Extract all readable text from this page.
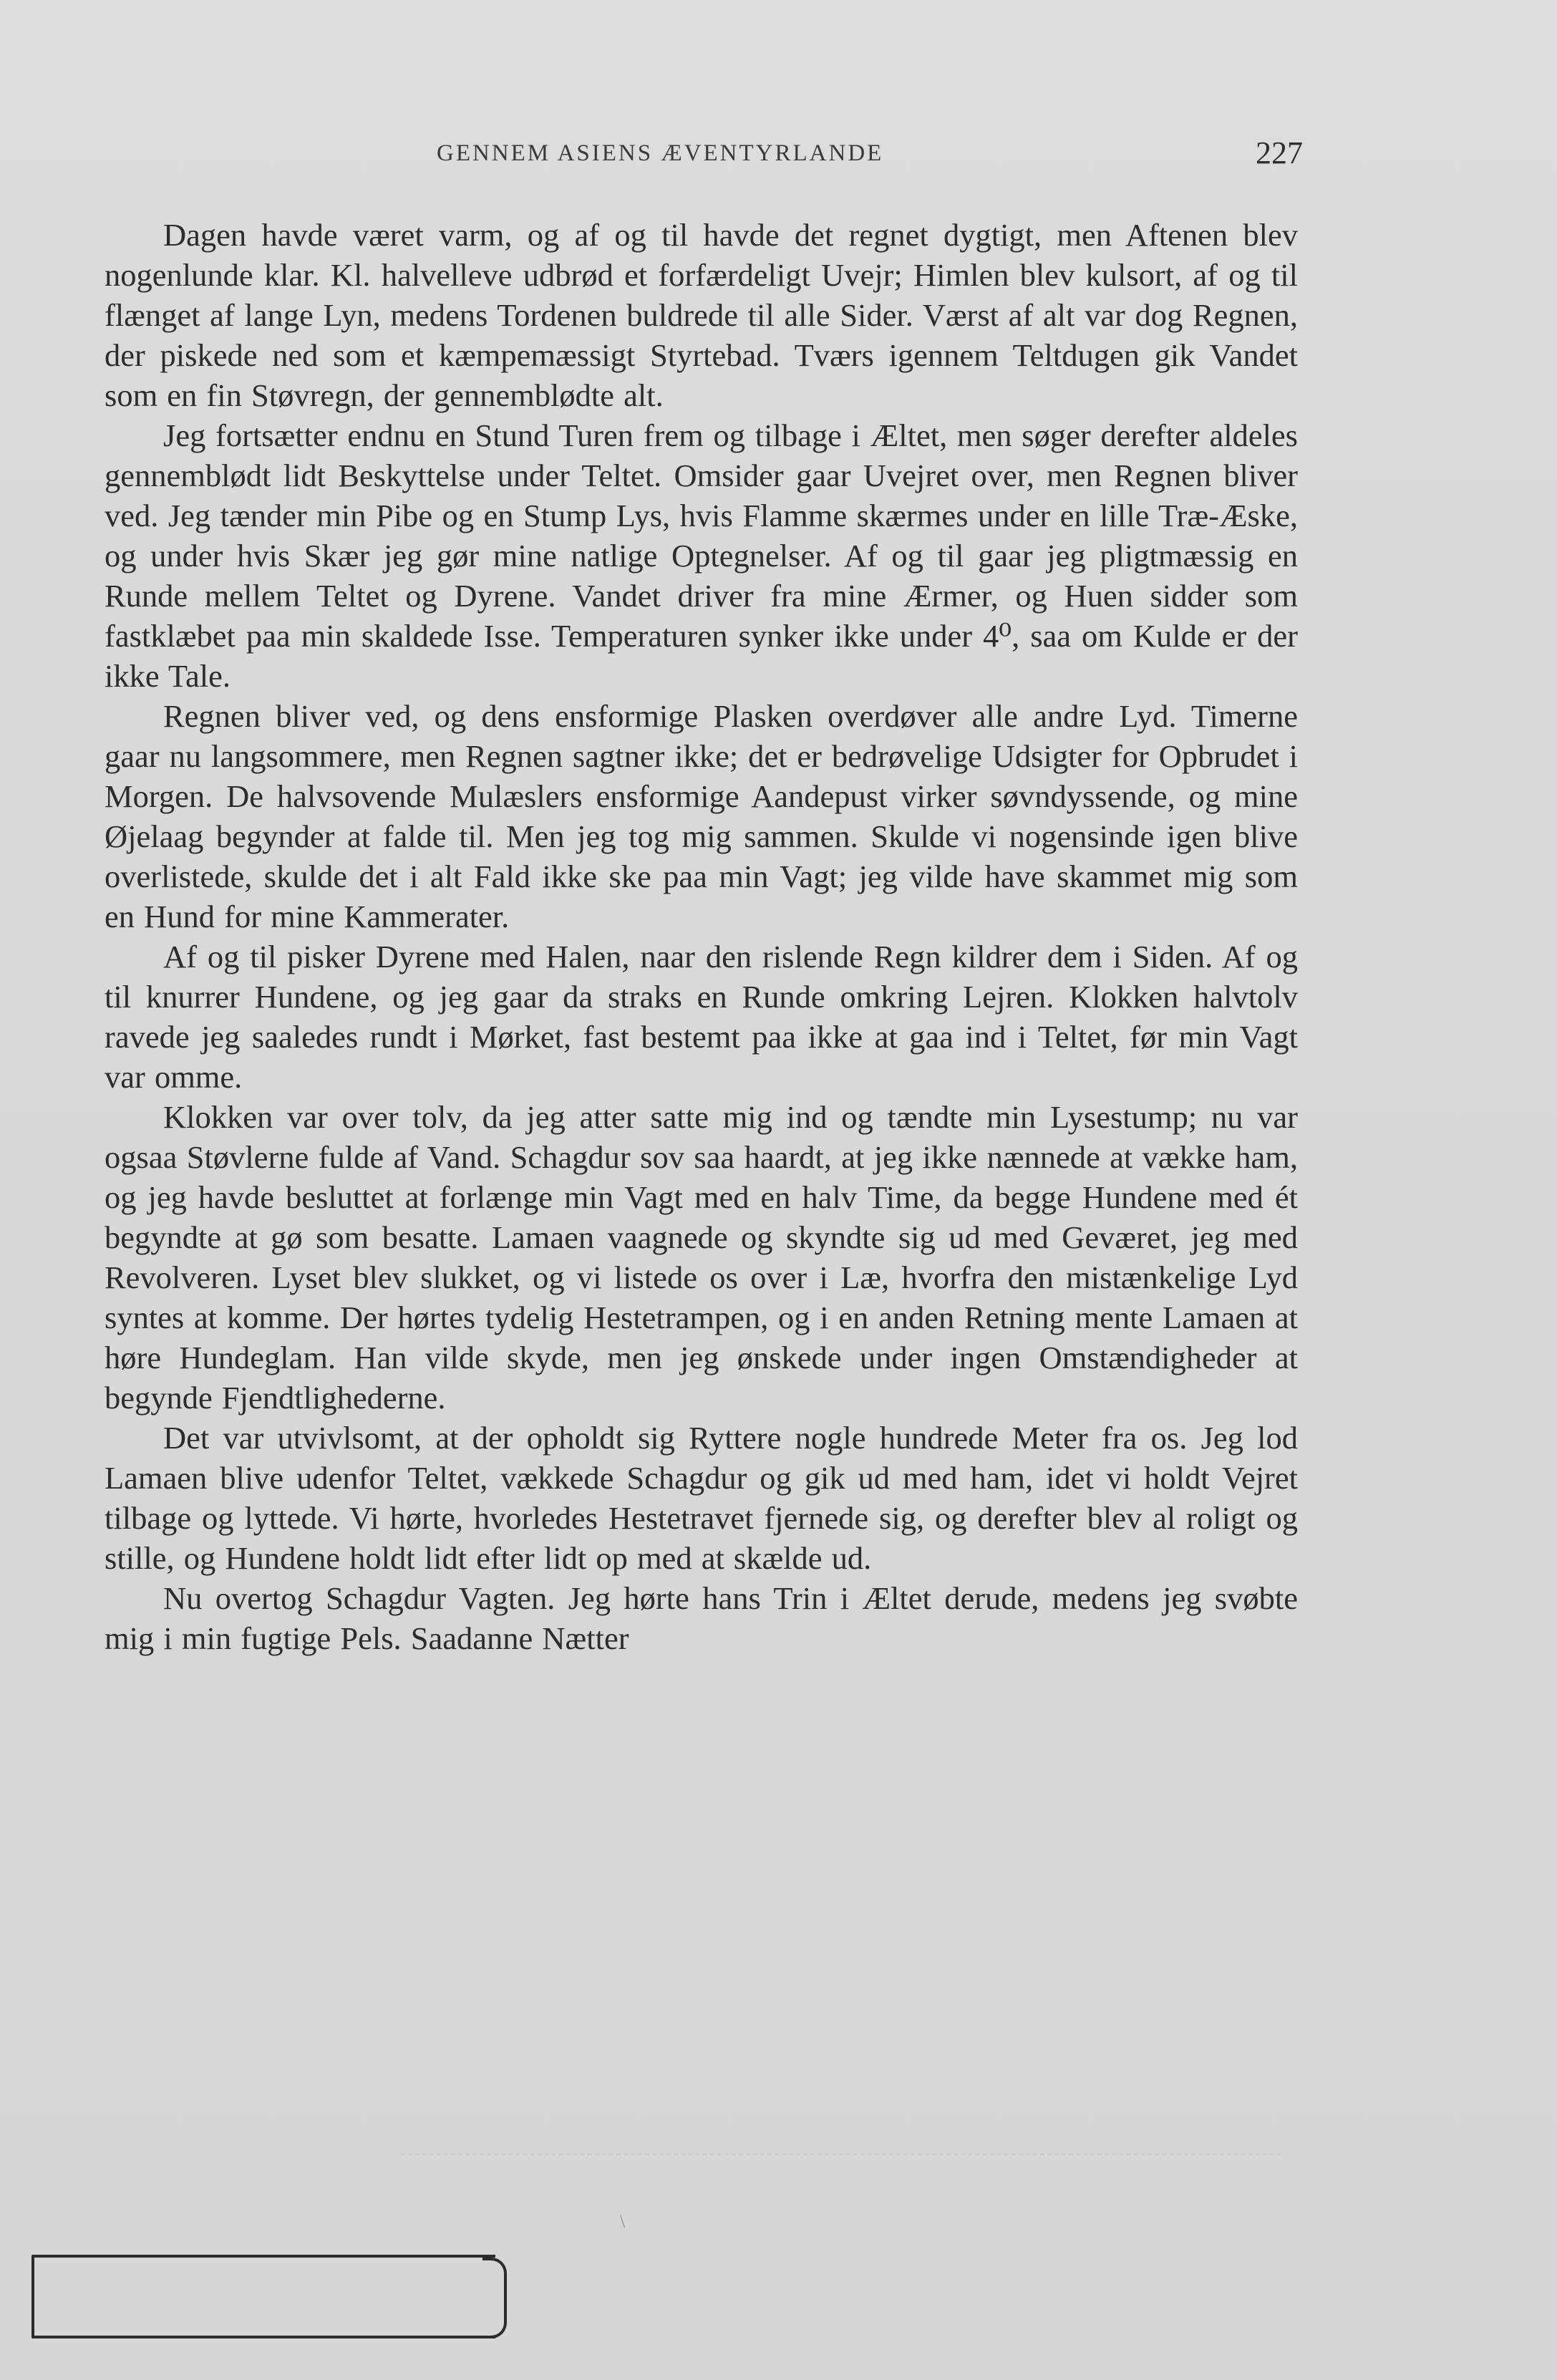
GENNEM ASIENS ÆVENTYRLANDE	227

Dagen havde været varm, og af og til havde det regnet dygtigt, men Aftenen blev nogenlunde klar. Kl. halvelleve udbrød et forfærdeligt Uvejr; Himlen blev kulsort, af og til flænget af lange Lyn, medens Tordenen buldrede til alle Sider. Værst af alt var dog Regnen, der piskede ned som et kæmpemæssigt Styrtebad. Tværs igennem Teltdugen gik Vandet som en fin Støvregn, der gennemblødte alt.

Jeg fortsætter endnu en Stund Turen frem og tilbage i Æltet, men søger derefter aldeles gennemblødt lidt Beskyttelse under Teltet. Omsider gaar Uvejret over, men Regnen bliver ved. Jeg tænder min Pibe og en Stump Lys, hvis Flamme skærmes under en lille Træ-Æske, og under hvis Skær jeg gør mine natlige Optegnelser. Af og til gaar jeg pligtmæssig en Runde mellem Teltet og Dyrene. Vandet driver fra mine Ærmer, og Huen sidder som fastklæbet paa min skaldede Isse. Temperaturen synker ikke under 4⁰, saa om Kulde er der ikke Tale.

Regnen bliver ved, og dens ensformige Plasken overdøver alle andre Lyd. Timerne gaar nu langsommere, men Regnen sagtner ikke; det er bedrøvelige Udsigter for Opbrudet i Morgen. De halvsovende Mulæslers ensformige Aandepust virker søvndyssende, og mine Øjelaag begynder at falde til. Men jeg tog mig sammen. Skulde vi nogensinde igen blive overlistede, skulde det i alt Fald ikke ske paa min Vagt; jeg vilde have skammet mig som en Hund for mine Kammerater.

Af og til pisker Dyrene med Halen, naar den rislende Regn kildrer dem i Siden. Af og til knurrer Hundene, og jeg gaar da straks en Runde omkring Lejren. Klokken halvtolv ravede jeg saaledes rundt i Mørket, fast bestemt paa ikke at gaa ind i Teltet, før min Vagt var omme.

Klokken var over tolv, da jeg atter satte mig ind og tændte min Lysestump; nu var ogsaa Støvlerne fulde af Vand. Schagdur sov saa haardt, at jeg ikke nænnede at vække ham, og jeg havde besluttet at forlænge min Vagt med en halv Time, da begge Hundene med ét begyndte at gø som besatte. Lamaen vaagnede og skyndte sig ud med Geværet, jeg med Revolveren. Lyset blev slukket, og vi listede os over i Læ, hvorfra den mistænkelige Lyd syntes at komme. Der hørtes tydelig Hestetrampen, og i en anden Retning mente Lamaen at høre Hundeglam. Han vilde skyde, men jeg ønskede under ingen Omstændigheder at begynde Fjendtlighederne.

Det var utvivlsomt, at der opholdt sig Ryttere nogle hundrede Meter fra os. Jeg lod Lamaen blive udenfor Teltet, vækkede Schagdur og gik ud med ham, idet vi holdt Vejret tilbage og lyttede. Vi hørte, hvorledes Hestetravet fjernede sig, og derefter blev al roligt og stille, og Hundene holdt lidt efter lidt op med at skælde ud.

Nu overtog Schagdur Vagten. Jeg hørte hans Trin i Æltet derude, medens jeg svøbte mig i min fugtige Pels. Saadanne Nætter

\
